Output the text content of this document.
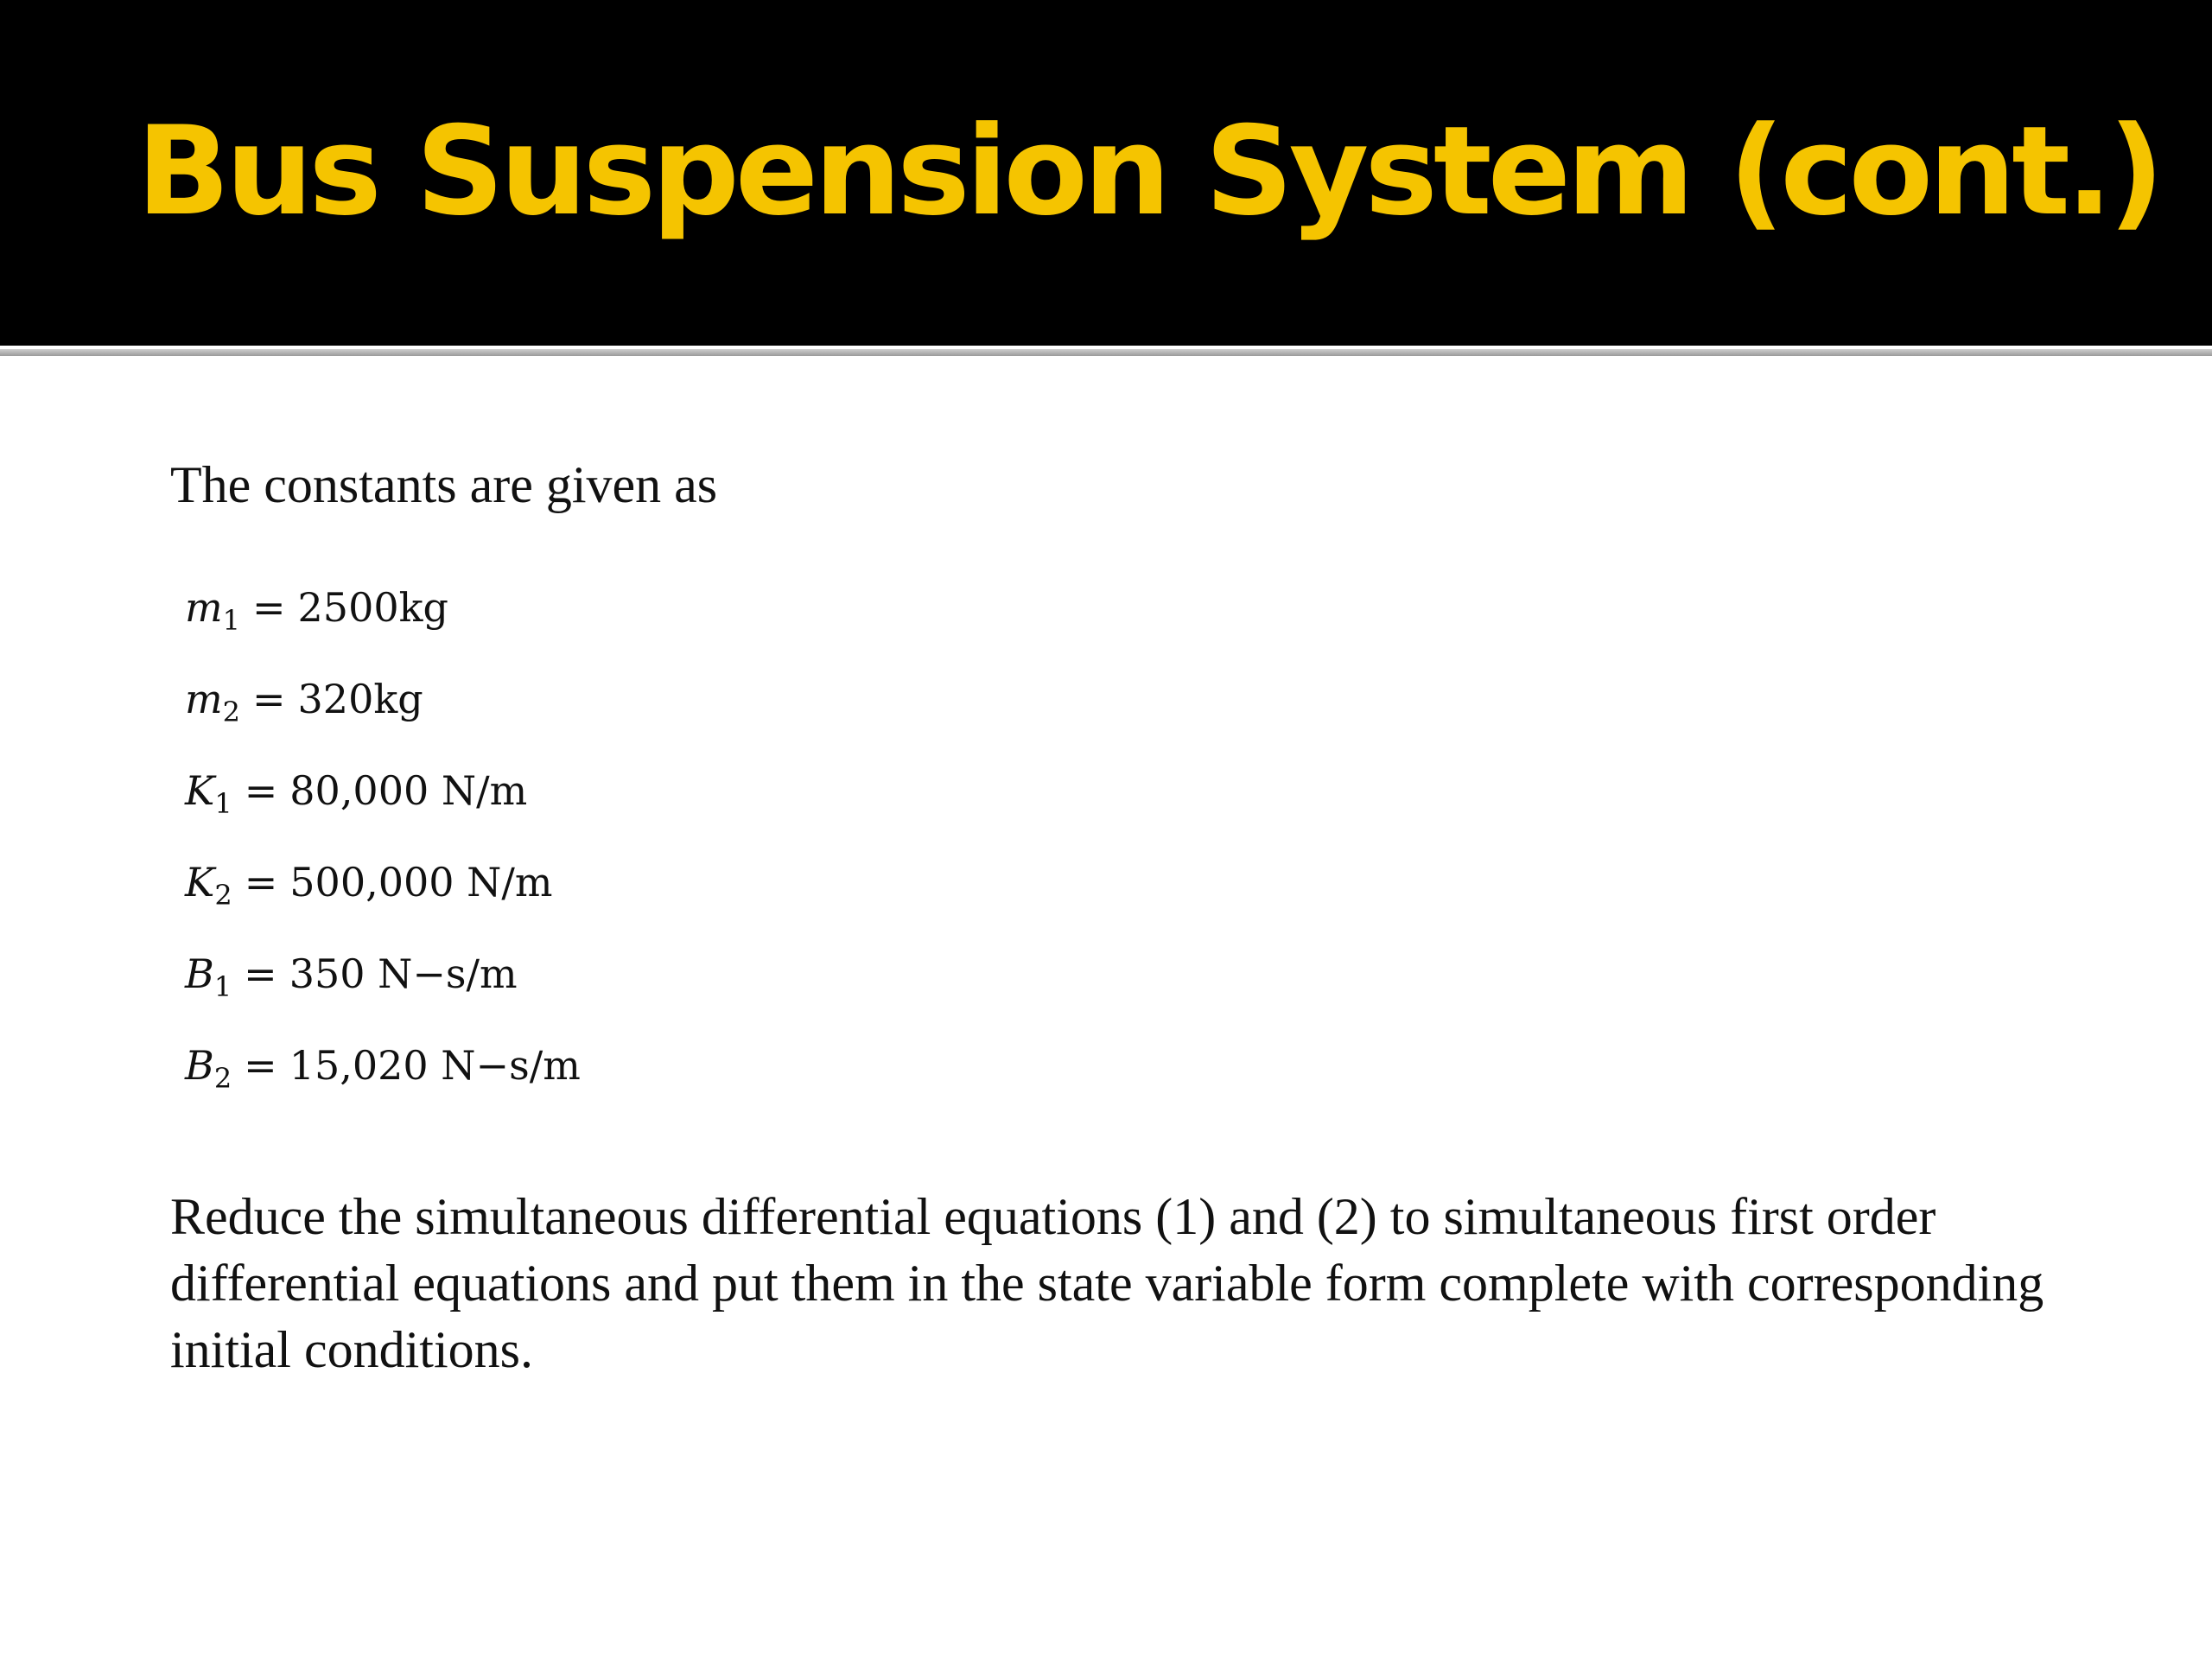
Bus Suspension System (cont.)

The constants are given as

$m_1 = 2500kg$
$m_2 = 320kg$
$K_1 = 80,000$ N/m
$K_2 = 500,000$ N/m
$B_1 = 350$ N−s/m
$B_2 = 15,020$ N−s/m

Reduce the simultaneous differential equations (1) and (2) to simultaneous first order differential equations and put them in the state variable form complete with corresponding initial conditions.
